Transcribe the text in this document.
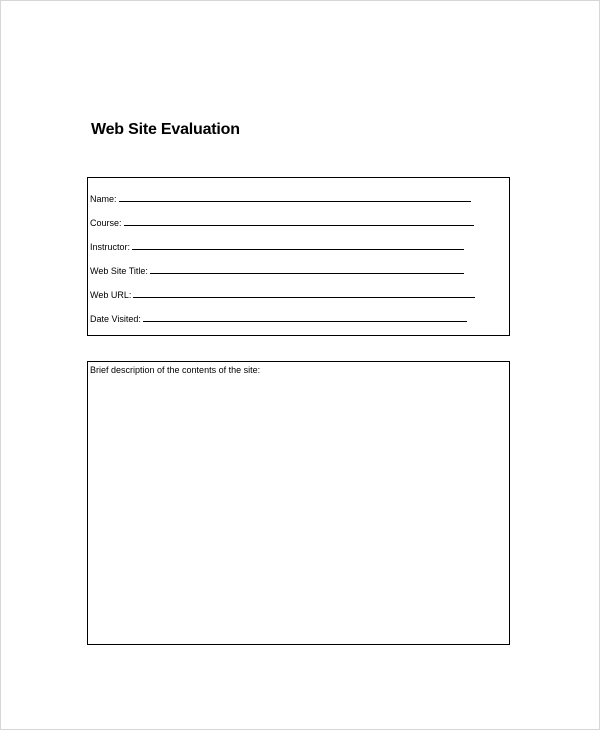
Web Site Evaluation
Name:
Course:
Instructor:
Web Site Title:
Web URL:
Date Visited:
Brief description of the contents of the site:
